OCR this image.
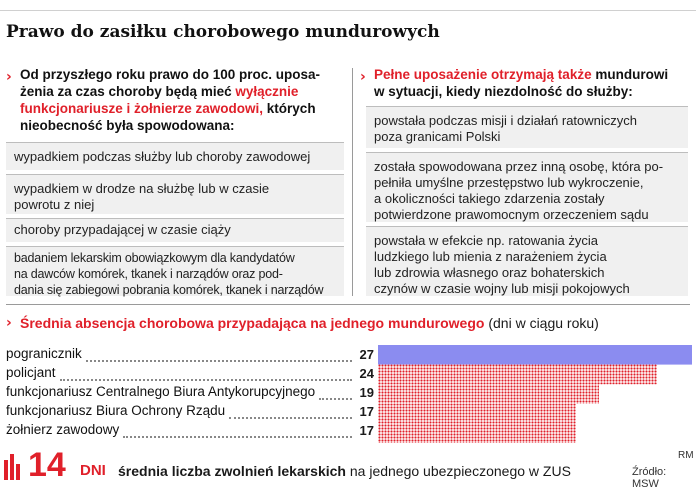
Prawo do zasiłku chorobowego mundurowych
› Od przyszłego roku prawo do 100 proc. uposa-
żenia za czas choroby będą mieć wyłącznie
funkcjonariusze i żołnierze zawodowi, których
nieobecność była spowodowana:
wypadkiem podczas służby lub choroby zawodowej
wypadkiem w drodze na służbę lub w czasie
powrotu z niej
choroby przypadającej w czasie ciąży
badaniem lekarskim obowiązkowym dla kandydatów
na dawców komórek, tkanek i narządów oraz pod-
dania się zabiegowi pobrania komórek, tkanek i narządów
› Pełne uposażenie otrzymają także mundurowi
w sytuacji, kiedy niezdolność do służby:
powstała podczas misji i działań ratowniczych
poza granicami Polski
została spowodowana przez inną osobę, która po-
pełniła umyślne przestępstwo lub wykroczenie,
a okoliczności takiego zdarzenia zostały
potwierdzone prawomocnym orzeczeniem sądu
powstała w efekcie np. ratowania życia
ludzkiego lub mienia z narażeniem życia
lub zdrowia własnego oraz bohaterskich
czynów w czasie wojny lub misji pokojowych
› Średnia absencja chorobowa przypadająca na jednego mundurowego (dni w ciągu roku)
pogranicznik	27
policjant	24
funkcjonariusz Centralnego Biura Antykorupcyjnego	19
funkcjonariusz Biura Ochrony Rządu	17
żołnierz zawodowy	17
14 DNI średnia liczba zwolnień lekarskich na jednego ubezpieczonego w ZUS
RM
Źródło: MSW
